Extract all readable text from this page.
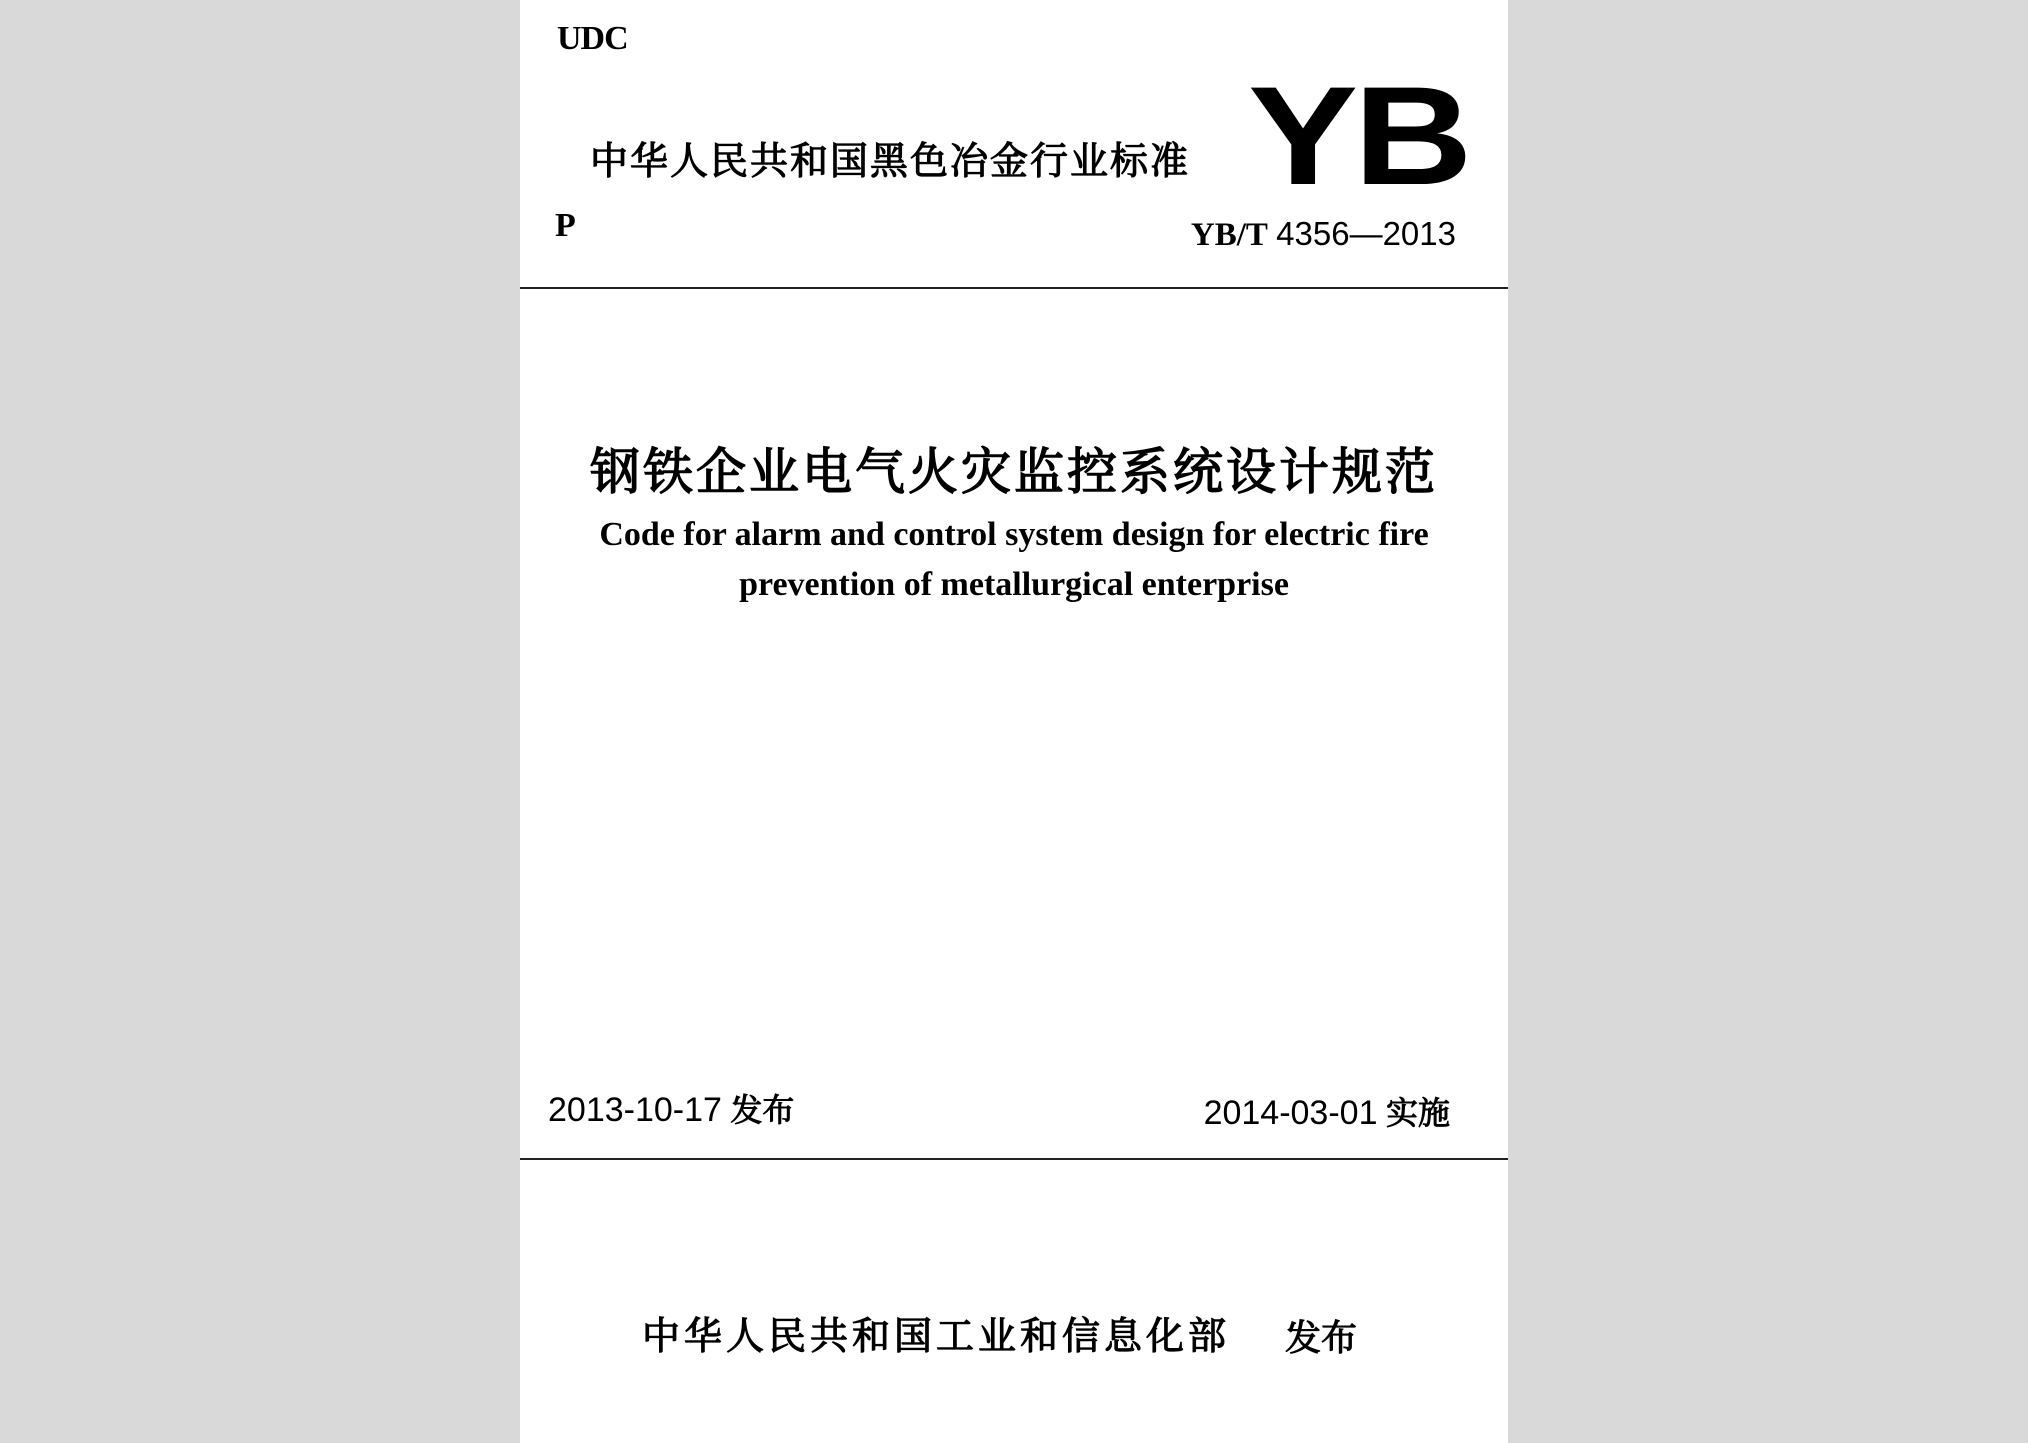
UDC
中华人民共和国黑色冶金行业标准 YB
P	YB/T 4356—2013
钢铁企业电气火灾监控系统设计规范
Code for alarm and control system design for electric fire
prevention of metallurgical enterprise
2013-10-17 发布	2014-03-01 实施
中华人民共和国工业和信息化部 发布
